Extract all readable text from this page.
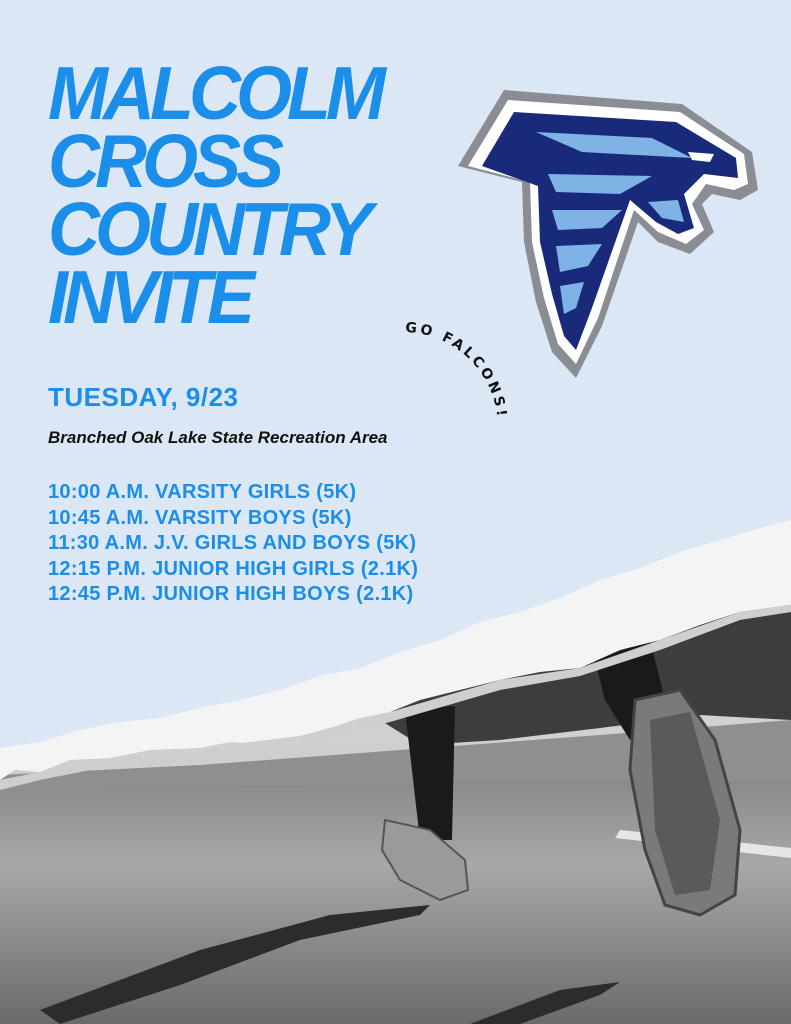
MALCOLM
CROSS
COUNTRY
INVITE	GO FALCONS!

TUESDAY, 9/23

Branched Oak Lake State Recreation Area

10:00 A.M. VARSITY GIRLS (5K)
10:45 A.M. VARSITY BOYS (5K)
11:30 A.M. J.V. GIRLS AND BOYS (5K)
12:15 P.M. JUNIOR HIGH GIRLS (2.1K)
12:45 P.M. JUNIOR HIGH BOYS (2.1K)
